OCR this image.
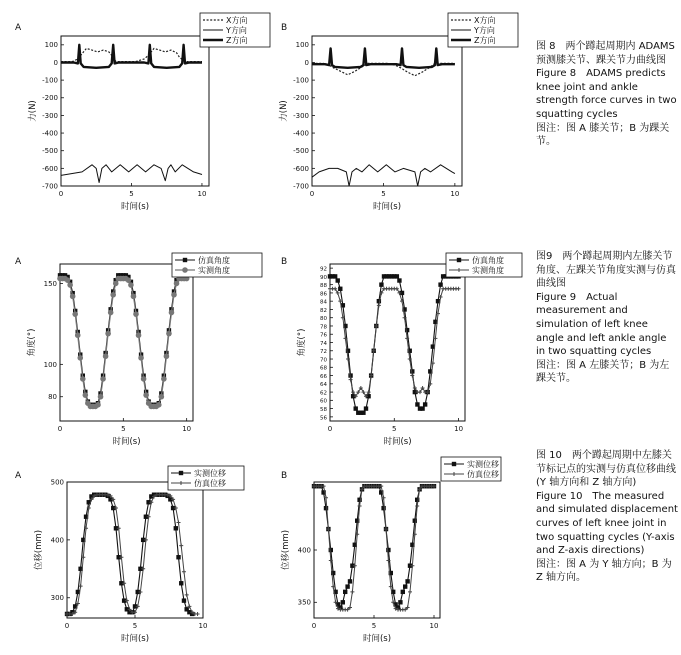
A
0	5	10
100
0
-100
-200
-300
-400
-500
-600
-700
时间(s)
力(N)
X方向
Y方向
Z方向
B
0	5	10
100
0
-100
-200
-300
-400
-500
-600
-700
时间(s)
力(N)
X方向
Y方向
Z方向
A
0	5	10
150
100
80
时间(s)
角度(°)
仿真角度
实测角度
B
0	5	10
92
90
88
86
84
82
80
78
76
74
72
70
68
66
64
62
60
58
56
时间(s)
角度(°)
仿真角度
实测角度
A
0	5	10
500
400
300
时间(s)
位移(mm)
实测位移
仿真位移
B
0	5	10
400
350
时间(s)
位移(mm)
实测位移
仿真位移
图 8　两个蹲起周期内 ADAMS 预测膝关节、踝关节力曲线图
Figure 8　ADAMS predicts knee joint and ankle strength force curves in two squatting cycles
图注：图 A 膝关节；B 为踝关节。
图9　两个蹲起周期内左膝关节角度、左踝关节角度实测与仿真曲线图
Figure 9　Actual measurement and simulation of left knee angle and left ankle angle in two squatting cycles
图注：图 A 左膝关节；B 为左踝关节。
图 10　两个蹲起周期中左膝关节标记点的实测与仿真位移曲线(Y 轴方向和 Z 轴方向)
Figure 10　The measured and simulated displacement curves of left knee joint in two squatting cycles (Y-axis and Z-axis directions)
图注：图 A 为 Y 轴方向；B 为 Z 轴方向。
